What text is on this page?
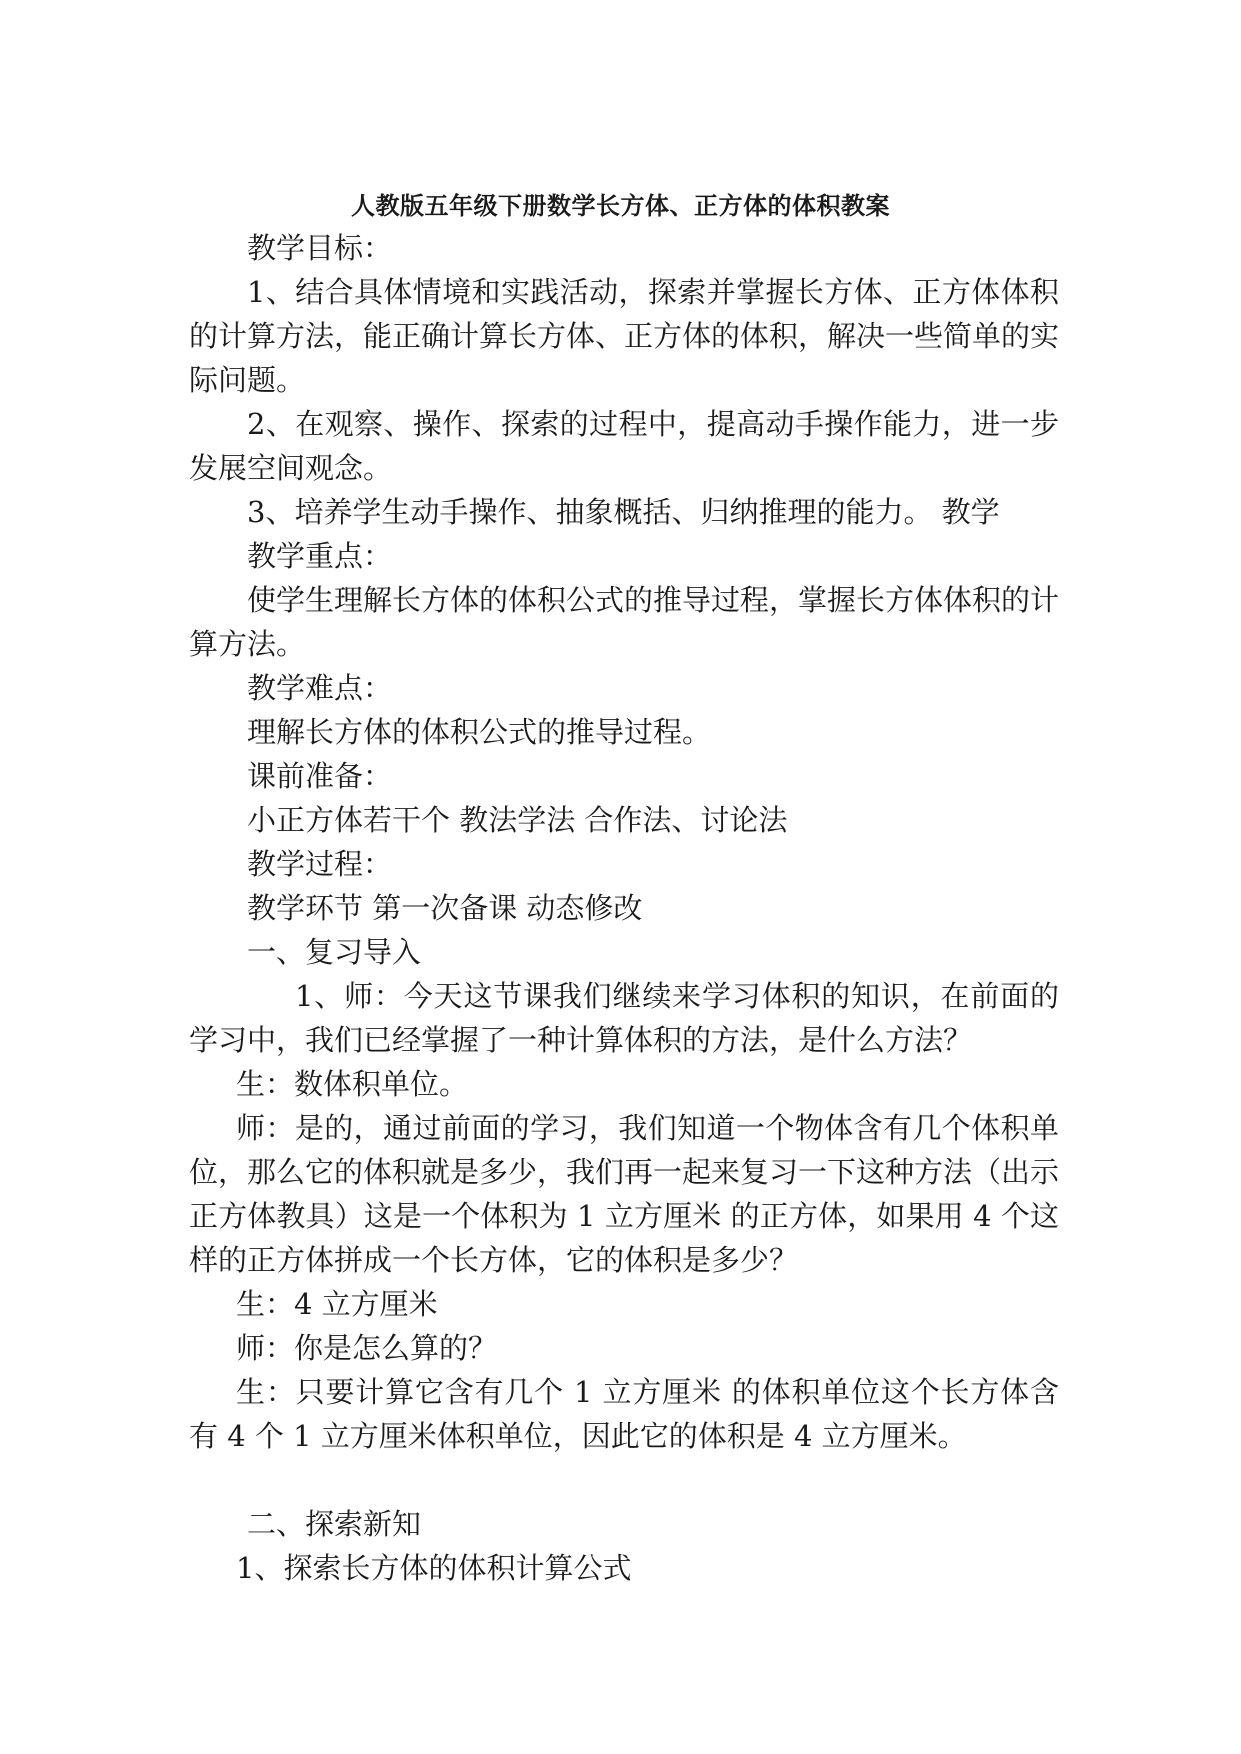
人教版五年级下册数学长方体、正方体的体积教案

教学目标：

1、结合具体情境和实践活动，探索并掌握长方体、正方体体积的计算方法，能正确计算长方体、正方体的体积，解决一些简单的实际问题。

2、在观察、操作、探索的过程中，提高动手操作能力，进一步发展空间观念。

3、培养学生动手操作、抽象概括、归纳推理的能力。 教学

教学重点：

使学生理解长方体的体积公式的推导过程，掌握长方体体积的计算方法。

教学难点：

理解长方体的体积公式的推导过程。

课前准备：

小正方体若干个 教法学法 合作法、讨论法

教学过程：

教学环节 第一次备课 动态修改

一、复习导入

1、师：今天这节课我们继续来学习体积的知识，在前面的学习中，我们已经掌握了一种计算体积的方法，是什么方法？

生：数体积单位。

师：是的，通过前面的学习，我们知道一个物体含有几个体积单位，那么它的体积就是多少，我们再一起来复习一下这种方法（出示正方体教具）这是一个体积为 1 立方厘米 的正方体，如果用 4 个这样的正方体拼成一个长方体，它的体积是多少？

生：4 立方厘米

师：你是怎么算的？

生：只要计算它含有几个 1 立方厘米 的体积单位这个长方体含有 4 个 1 立方厘米体积单位，因此它的体积是 4 立方厘米。

二、探索新知

1、探索长方体的体积计算公式
